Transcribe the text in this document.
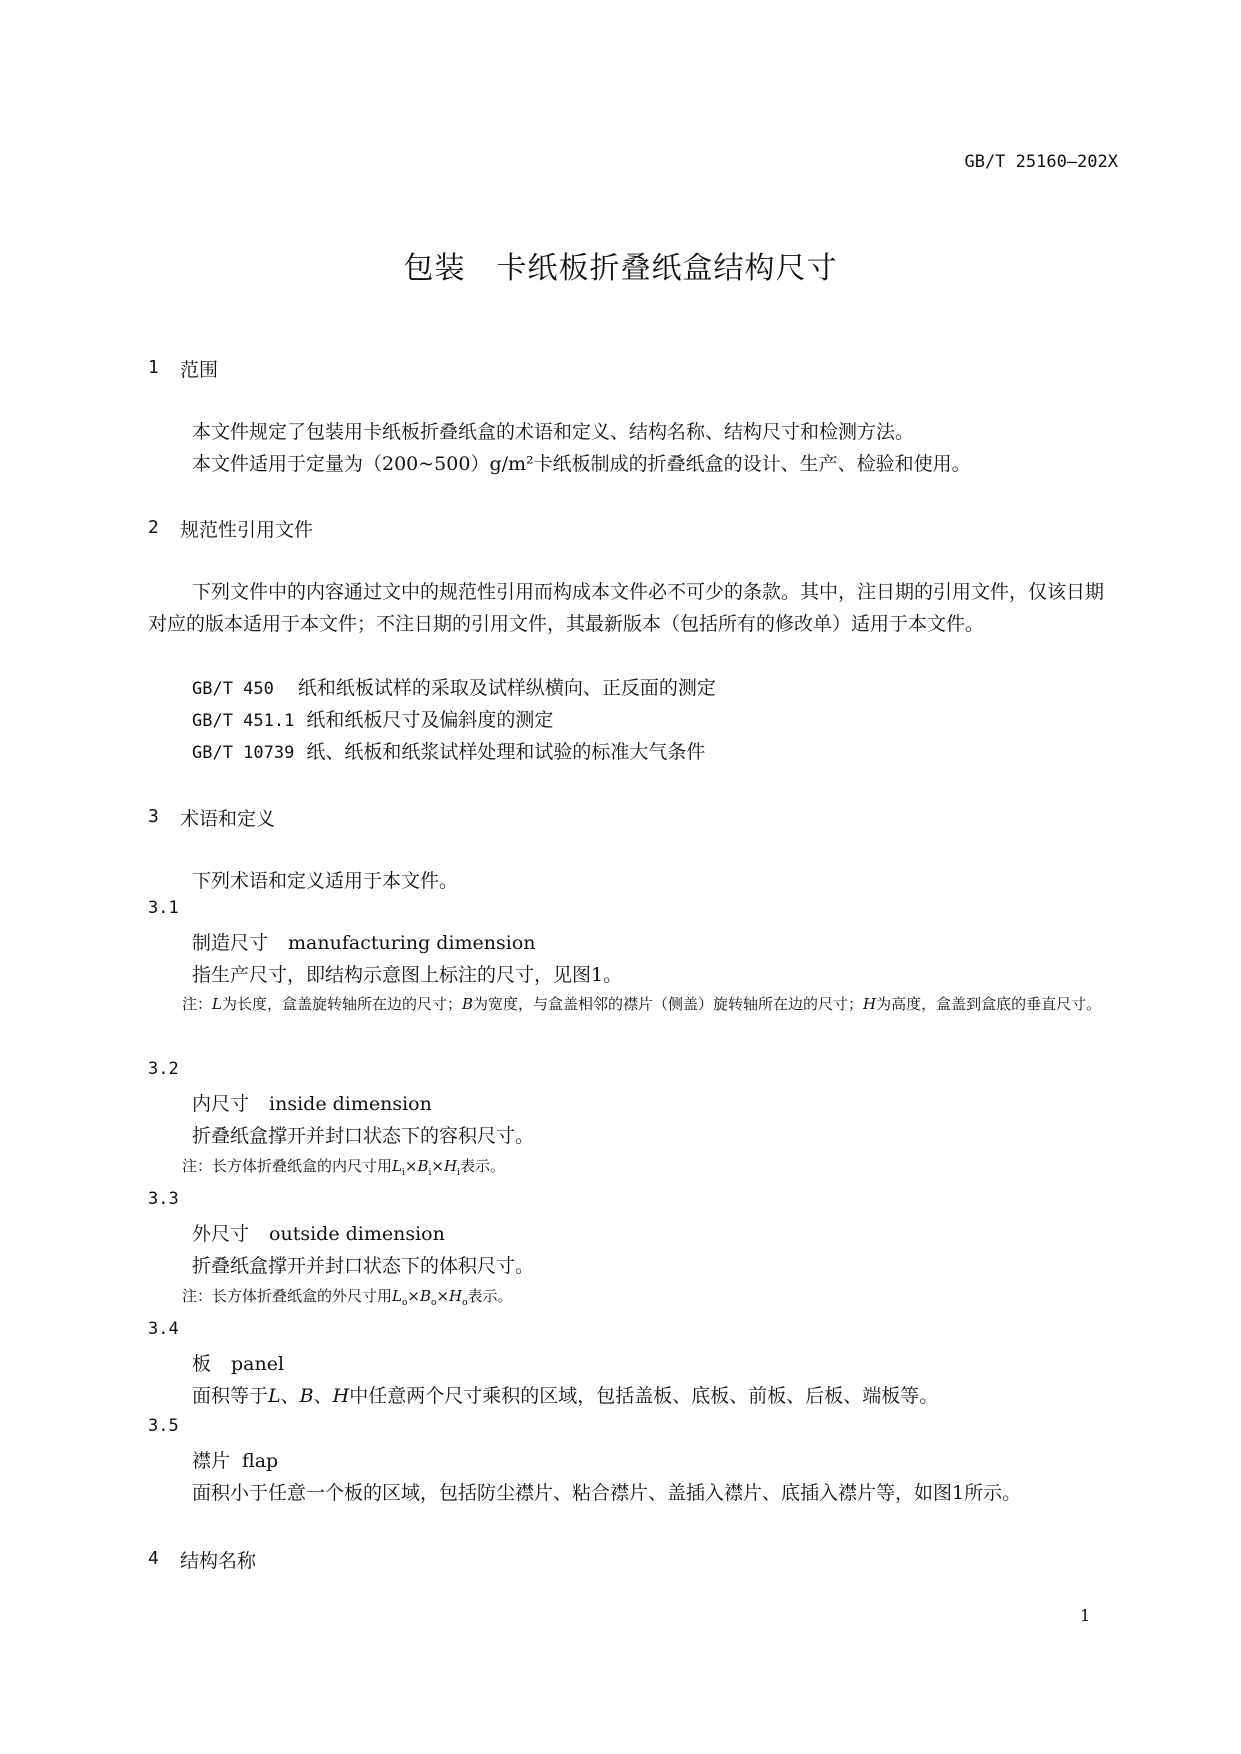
GB/T 25160—202X
包装　卡纸板折叠纸盒结构尺寸
1 范围
本文件规定了包装用卡纸板折叠纸盒的术语和定义、结构名称、结构尺寸和检测方法。
本文件适用于定量为（200~500）g/m²卡纸板制成的折叠纸盒的设计、生产、检验和使用。
2 规范性引用文件
下列文件中的内容通过文中的规范性引用而构成本文件必不可少的条款。其中，注日期的引用文件，仅该日期对应的版本适用于本文件；不注日期的引用文件，其最新版本（包括所有的修改单）适用于本文件。
GB/T 450 纸和纸板试样的采取及试样纵横向、正反面的测定
GB/T 451.1 纸和纸板尺寸及偏斜度的测定
GB/T 10739 纸、纸板和纸浆试样处理和试验的标准大气条件
3 术语和定义
下列术语和定义适用于本文件。
3.1
制造尺寸 manufacturing dimension
指生产尺寸，即结构示意图上标注的尺寸，见图1。
注：L为长度，盒盖旋转轴所在边的尺寸；B为宽度，与盒盖相邻的襟片（侧盖）旋转轴所在边的尺寸；H为高度，盒盖到盒底的垂直尺寸。
3.2
内尺寸 inside dimension
折叠纸盒撑开并封口状态下的容积尺寸。
注：长方体折叠纸盒的内尺寸用$L_i\times B_i\times H_i$表示。
3.3
外尺寸 outside dimension
折叠纸盒撑开并封口状态下的体积尺寸。
注：长方体折叠纸盒的外尺寸用$L_o\times B_o\times H_o$表示。
3.4
板 panel
面积等于L、B、H中任意两个尺寸乘积的区域，包括盖板、底板、前板、后板、端板等。
3.5
襟片 flap
面积小于任意一个板的区域，包括防尘襟片、粘合襟片、盖插入襟片、底插入襟片等，如图1所示。
4 结构名称
1
